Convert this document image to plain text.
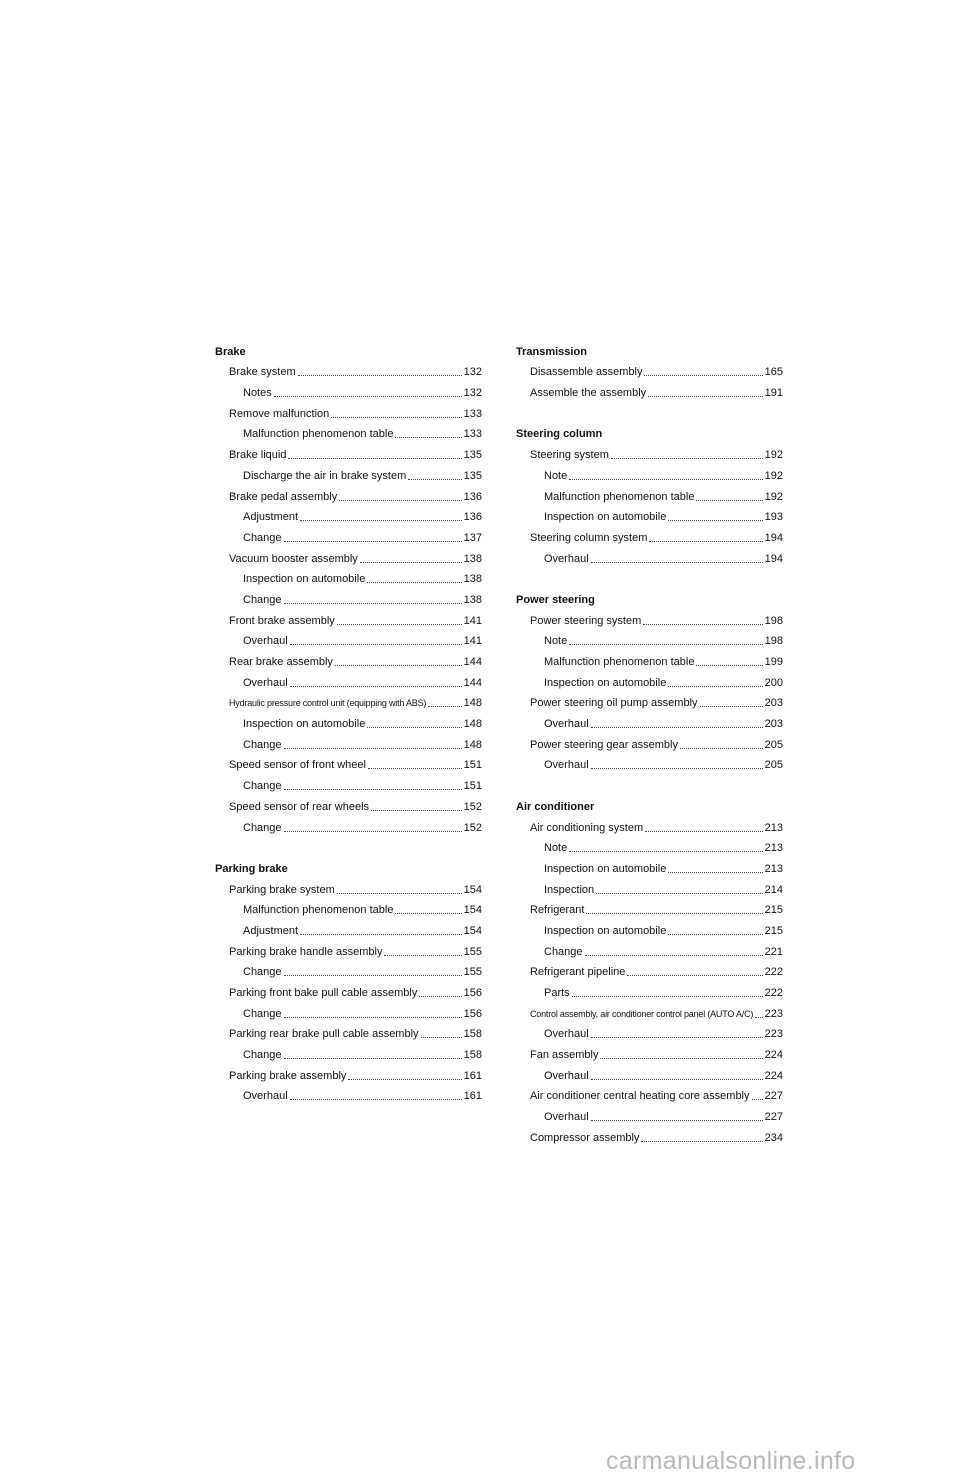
Brake
Brake system	132
Notes	132
Remove malfunction	133
Malfunction phenomenon table	133
Brake liquid	135
Discharge the air in brake system	135
Brake pedal assembly	136
Adjustment	136
Change	137
Vacuum booster assembly	138
Inspection on automobile	138
Change	138
Front brake assembly	141
Overhaul	141
Rear brake assembly	144
Overhaul	144
Hydraulic pressure control unit (equipping with ABS)	148
Inspection on automobile	148
Change	148
Speed sensor of front wheel	151
Change	151
Speed sensor of rear wheels	152
Change	152
Parking brake
Parking brake system	154
Malfunction phenomenon table	154
Adjustment	154
Parking brake handle assembly	155
Change	155
Parking front bake pull cable assembly	156
Change	156
Parking rear brake pull cable assembly	158
Change	158
Parking brake assembly	161
Overhaul	161
Transmission
Disassemble assembly	165
Assemble the assembly	191
Steering column
Steering system	192
Note	192
Malfunction phenomenon table	192
Inspection on automobile	193
Steering column system	194
Overhaul	194
Power steering
Power steering system	198
Note	198
Malfunction phenomenon table	199
Inspection on automobile	200
Power steering oil pump assembly	203
Overhaul	203
Power steering gear assembly	205
Overhaul	205
Air conditioner
Air conditioning system	213
Note	213
Inspection on automobile	213
Inspection	214
Refrigerant	215
Inspection on automobile	215
Change	221
Refrigerant pipeline	222
Parts	222
Control assembly, air conditioner control panel (AUTO A/C) 223
Overhaul	223
Fan assembly	224
Overhaul	224
Air conditioner central heating core assembly 227
Overhaul	227
Compressor assembly	234
carmanualsonline.info
